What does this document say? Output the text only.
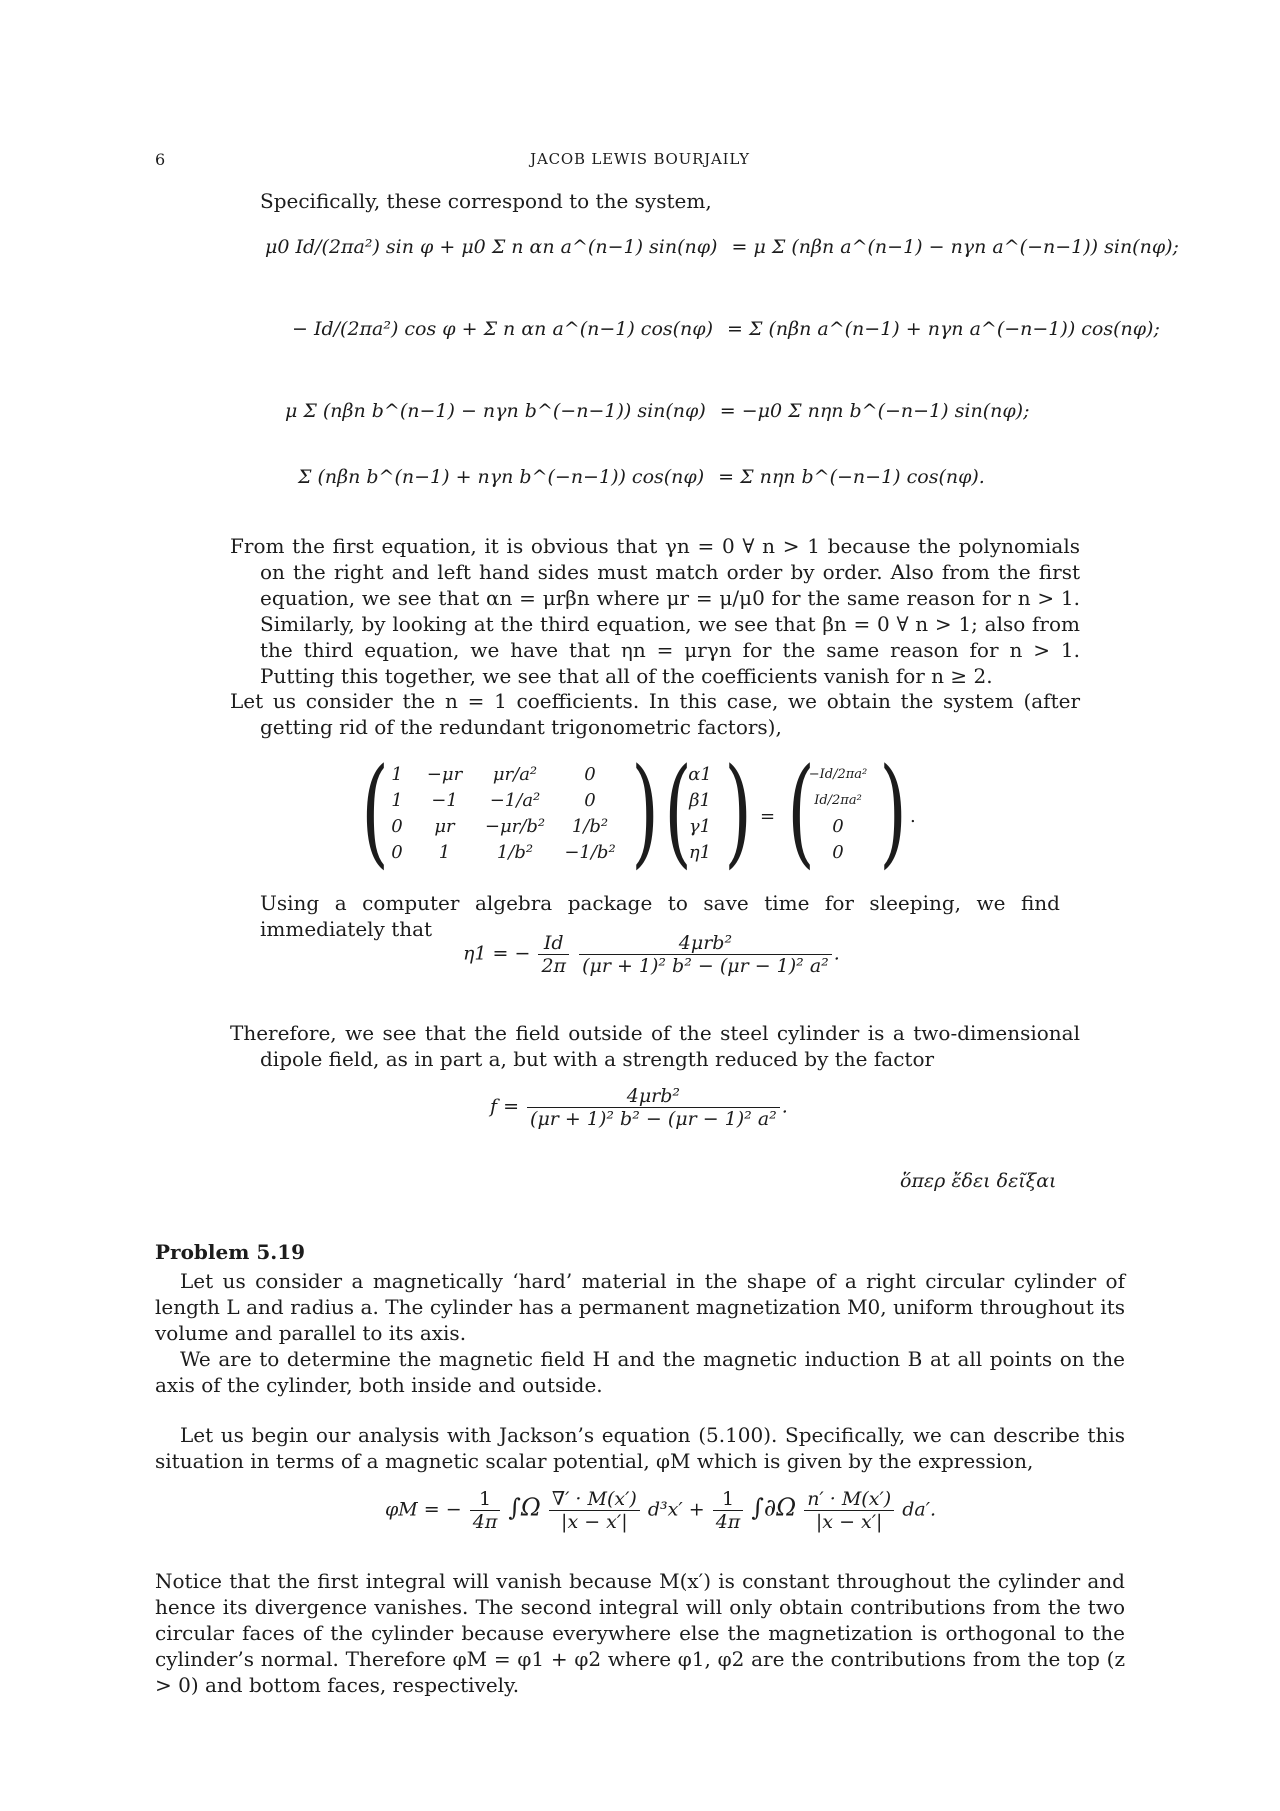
6	JACOB LEWIS BOURJAILY
Specifically, these correspond to the system,
μ0 Id/(2πa²) sin φ + μ0 Σ n αn a^(n−1) sin(nφ) = μ Σ (nβn a^(n−1) − nγn a^(−n−1)) sin(nφ);
− Id/(2πa²) cos φ + Σ n αn a^(n−1) cos(nφ) = Σ (nβn a^(n−1) + nγn a^(−n−1)) cos(nφ);
μ Σ (nβn b^(n−1) − nγn b^(−n−1)) sin(nφ) = −μ0 Σ nηn b^(−n−1) sin(nφ);
Σ (nβn b^(n−1) + nγn b^(−n−1)) cos(nφ) = Σ nηn b^(−n−1) cos(nφ).
From the first equation, it is obvious that γn = 0 ∀ n > 1 because the polynomials on the right and left hand sides must match order by order. Also from the first equation, we see that αn = μrβn where μr = μ/μ0 for the same reason for n > 1. Similarly, by looking at the third equation, we see that βn = 0 ∀ n > 1; also from the third equation, we have that ηn = μrγn for the same reason for n > 1. Putting this together, we see that all of the coefficients vanish for n ≥ 2.
Let us consider the n = 1 coefficients. In this case, we obtain the system (after getting rid of the redundant trigonometric factors),
( 1
1
0
0
−μr
−1
μr
1
μr/a²
−1/a²
−μr/b²
1/b²
0
0
1/b²
−1/b² ) (
α1
β1
γ1
η1 ) = (
−Id/2πa²
Id/2πa²
0
0 ) .
Using a computer algebra package to save time for sleeping, we find immediately that
η1 = − $\frac{Id}{2\pi}$
$\frac{\text{4μrb²}}{\text{(μr + 1)² b² − (μr − 1)² a²}}$ .
Therefore, we see that the field outside of the steel cylinder is a two-dimensional dipole field, as in part a, but with a strength reduced by the factor
$f = \frac{\text{4μrb²}}{\text{(μr + 1)² b² − (μr − 1)² a²}}$ .
ὅπερ ἔδει δεῖξαι
Problem 5.19
Let us consider a magnetically ‘hard’ material in the shape of a right circular cylinder of length L and radius a. The cylinder has a permanent magnetization M0, uniform throughout its volume and parallel to its axis.
We are to determine the magnetic field H and the magnetic induction B at all points on the axis of the cylinder, both inside and outside.
Let us begin our analysis with Jackson’s equation (5.100). Specifically, we can describe this situation in terms of a magnetic scalar potential, φM which is given by the expression,
φM = − $\frac{1}{4\pi} \int\Omega \frac{\nabla' \cdot M(x')}{|x - x'|} d^3x' + \frac{1}{4\pi} \int\partial\Omega \frac{n' \cdot M(x')}{|x - x'|} da'$.
Notice that the first integral will vanish because M(x′) is constant throughout the cylinder and hence its divergence vanishes. The second integral will only obtain contributions from the two circular faces of the cylinder because everywhere else the magnetization is orthogonal to the cylinder’s normal. Therefore φM = φ1 + φ2 where φ1, φ2 are the contributions from the top (z > 0) and bottom faces, respectively.
